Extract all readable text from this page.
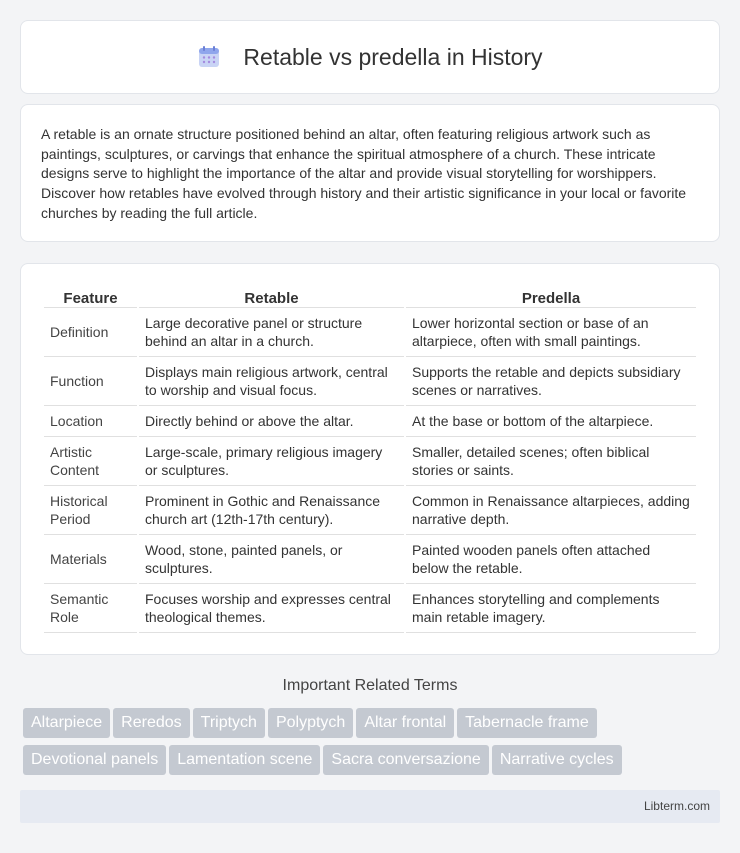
Retable vs predella in History

A retable is an ornate structure positioned behind an altar, often featuring religious artwork such as paintings, sculptures, or carvings that enhance the spiritual atmosphere of a church. These intricate designs serve to highlight the importance of the altar and provide visual storytelling for worshippers. Discover how retables have evolved through history and their artistic significance in your local or favorite churches by reading the full article.

Feature	Retable	Predella
Definition	Large decorative panel or structure behind an altar in a church.	Lower horizontal section or base of an altarpiece, often with small paintings.
Function	Displays main religious artwork, central to worship and visual focus.	Supports the retable and depicts subsidiary scenes or narratives.
Location	Directly behind or above the altar.	At the base or bottom of the altarpiece.
Artistic Content	Large-scale, primary religious imagery or sculptures.	Smaller, detailed scenes; often biblical stories or saints.
Historical Period	Prominent in Gothic and Renaissance church art (12th-17th century).	Common in Renaissance altarpieces, adding narrative depth.
Materials	Wood, stone, painted panels, or sculptures.	Painted wooden panels often attached below the retable.
Semantic Role	Focuses worship and expresses central theological themes.	Enhances storytelling and complements main retable imagery.
Important Related Terms
Altarpiece Reredos Triptych Polyptych Altar frontal Tabernacle frame
Devotional panels Lamentation scene Sacra conversazione Narrative cycles
Libterm.com
